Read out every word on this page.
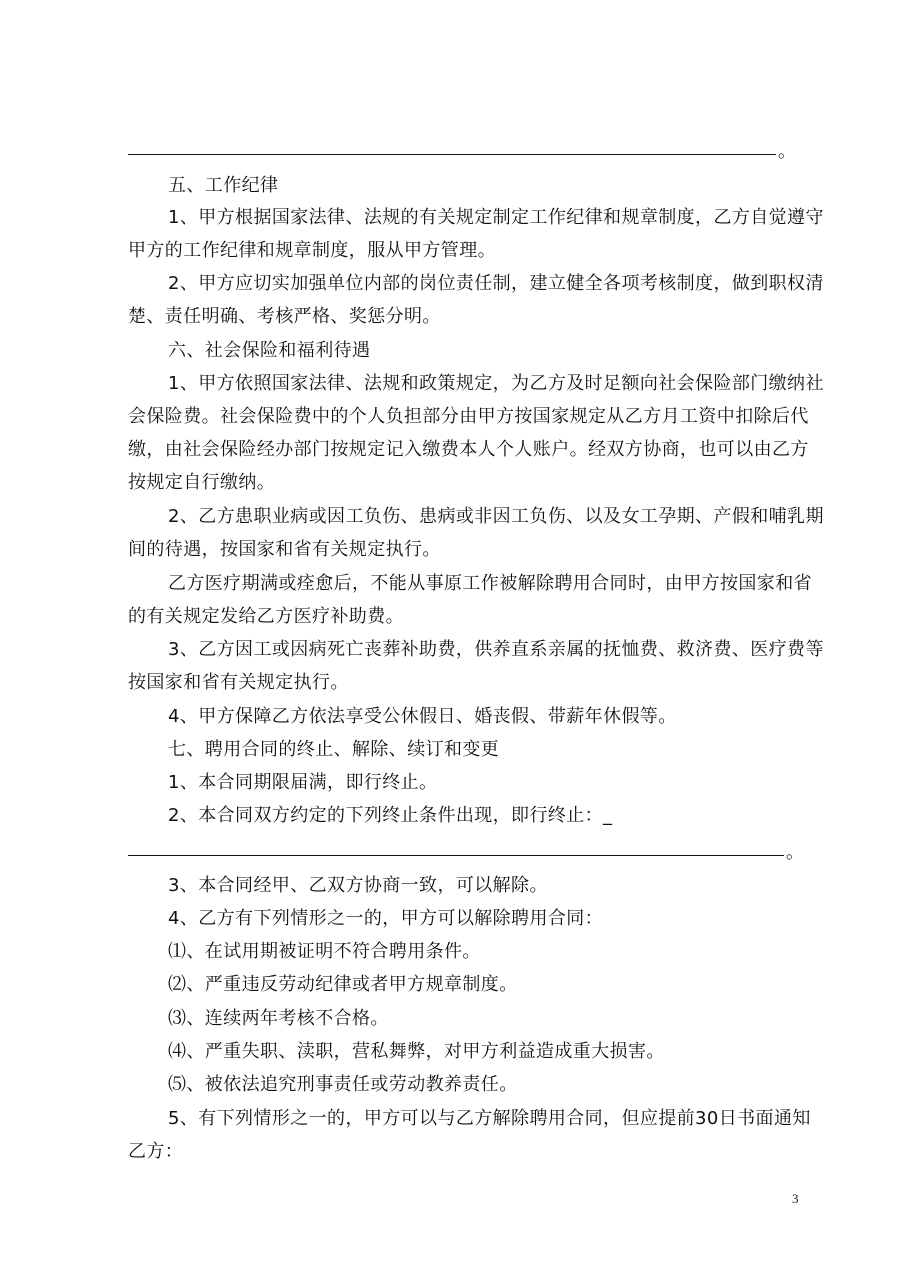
。
五、工作纪律
1、甲方根据国家法律、法规的有关规定制定工作纪律和规章制度，乙方自觉遵守
甲方的工作纪律和规章制度，服从甲方管理。
2、甲方应切实加强单位内部的岗位责任制，建立健全各项考核制度，做到职权清
楚、责任明确、考核严格、奖惩分明。
六、社会保险和福利待遇
1、甲方依照国家法律、法规和政策规定，为乙方及时足额向社会保险部门缴纳社
会保险费。社会保险费中的个人负担部分由甲方按国家规定从乙方月工资中扣除后代
缴，由社会保险经办部门按规定记入缴费本人个人账户。经双方协商，也可以由乙方
按规定自行缴纳。
2、乙方患职业病或因工负伤、患病或非因工负伤、以及女工孕期、产假和哺乳期
间的待遇，按国家和省有关规定执行。
乙方医疗期满或痊愈后，不能从事原工作被解除聘用合同时，由甲方按国家和省
的有关规定发给乙方医疗补助费。
3、乙方因工或因病死亡丧葬补助费，供养直系亲属的抚恤费、救济费、医疗费等
按国家和省有关规定执行。
4、甲方保障乙方依法享受公休假日、婚丧假、带薪年休假等。
七、聘用合同的终止、解除、续订和变更
1、本合同期限届满，即行终止。
2、本合同双方约定的下列终止条件出现，即行终止：_
。
3、本合同经甲、乙双方协商一致，可以解除。
4、乙方有下列情形之一的，甲方可以解除聘用合同：
⑴、在试用期被证明不符合聘用条件。
⑵、严重违反劳动纪律或者甲方规章制度。
⑶、连续两年考核不合格。
⑷、严重失职、渎职，营私舞弊，对甲方利益造成重大损害。
⑸、被依法追究刑事责任或劳动教养责任。
5、有下列情形之一的，甲方可以与乙方解除聘用合同，但应提前30日书面通知
乙方：
3
